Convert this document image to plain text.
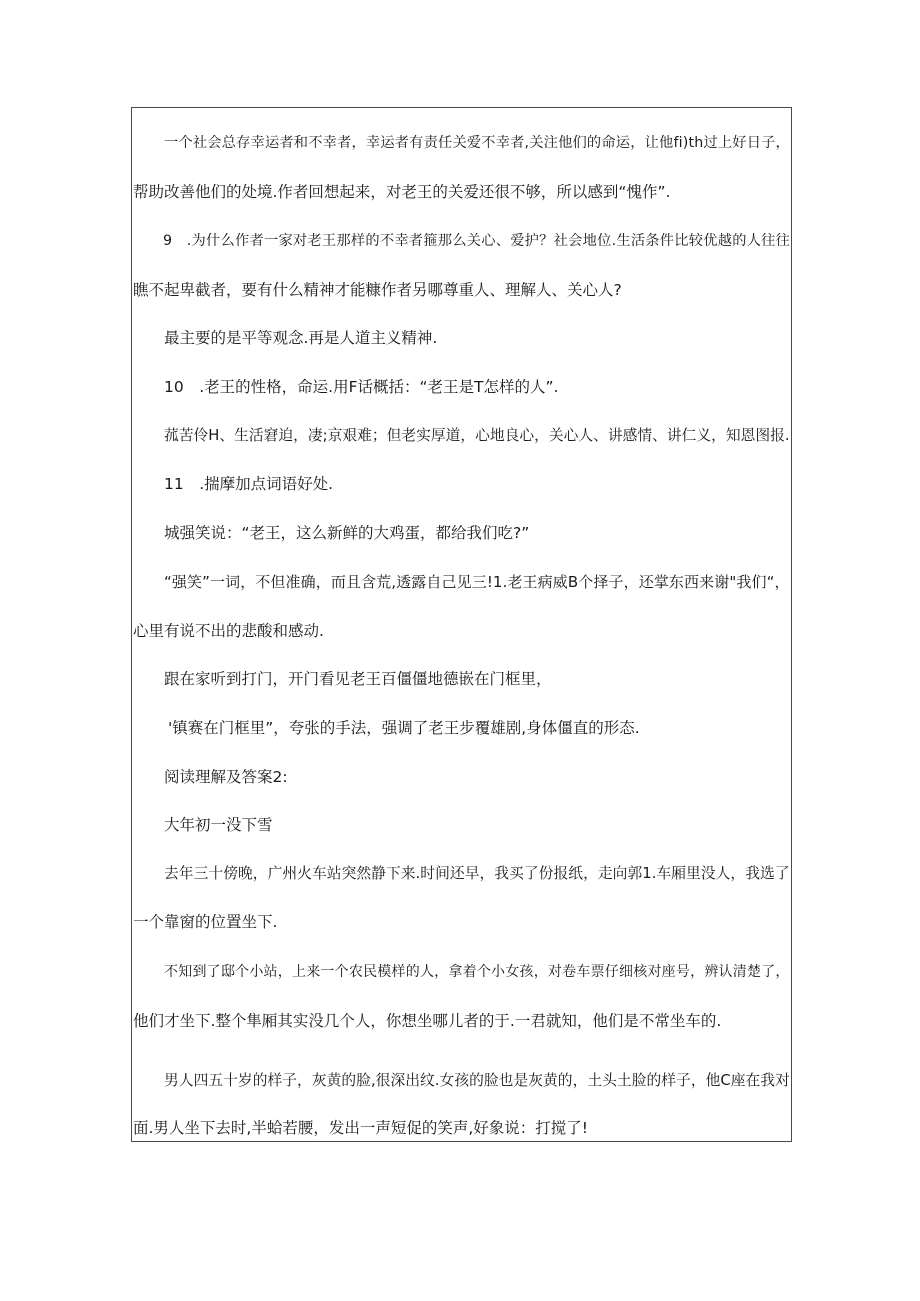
一 个 社 会 总 存 幸 运 者 和 不 幸 者 ， 幸 运 者 有 责 任 关 爱 不 幸 者 , 关 注 他 们 的 命 运 ， 让 他 f i ) t h 过 上 好 日 子 ，
帮助改善他们的处境.作者回想起来，对老王的关爱还很不够，所以感到“愧作”.
9
　 . 为 什 么 作 者 一 家 对 老 王 那 样 的 不 幸 者 箍 那 么 关 心 、 爱 护 ？ 社 会 地 位 . 生 活 条 件 比 较 优 越 的 人 往 往
瞧不起卑截者，要有什么精神才能糠作者另哪尊重人、理解人、关心人?
最主要的是平等观念.再是人道主义精神.
10　.老王的性格，命运.用F话概括：“老王是T怎样的人”.
菰 苦 伶 H 、 生 活 窘 迫 ， 凄 ; 京 艰 难 ； 但 老 实 厚 道 ， 心 地 良 心 ， 关 心 人 、 讲 感 情 、 讲 仁 义 ， 知 恩 图 报 .
11　.揣摩加点词语好处.
城强笑说：“老王，这么新鲜的大鸡蛋，都给我们吃?”
“ 强 笑 ” 一 词 ， 不 但 准 确 ， 而 且 含 荒 , 透 露 自 己 见 三 ! 1 . 老 王 病 威 B 个 择 子 ， 还 掌 东 西 来 谢 " 我 们 “ ，
心里有说不出的悲酸和感动.
跟在家听到打门，开门看见老王百僵僵地德嵌在门框里，
'镇赛在门框里”，夸张的手法，强调了老王步覆雄剧,身体僵直的形态.
阅读理解及答案2:
大年初一没下雪
去 年 三 十 傍 晚 ， 广 州 火 车 站 突 然 静 下 来 . 时 间 还 早 ， 我 买 了 份 报 纸 ， 走 向 郭 1 . 车 厢 里 没 人 ， 我 选 了
一个靠窗的位置坐下.
不 知 到 了 邸 个 小 站 ， 上 来 一 个 农 民 模 样 的 人 ， 拿 着 个 小 女 孩 ， 对 卷 车 票 仔 细 核 对 座 号 ， 辨 认 清 楚 了 ，
他们才坐下.整个隼厢其实没几个人，你想坐哪儿者的于.一君就知，他们是不常坐车的.
男 人 四 五 十 岁 的 样 子 ， 灰 黄 的 脸 , 很 深 出 纹 . 女 孩 的 脸 也 是 灰 黄 的 ， 土 头 土 脸 的 样 子 ， 他 C 座 在 我 对
面.男人坐下去时,半蛤若腰，发出一声短促的笑声,好象说：打搅了!
